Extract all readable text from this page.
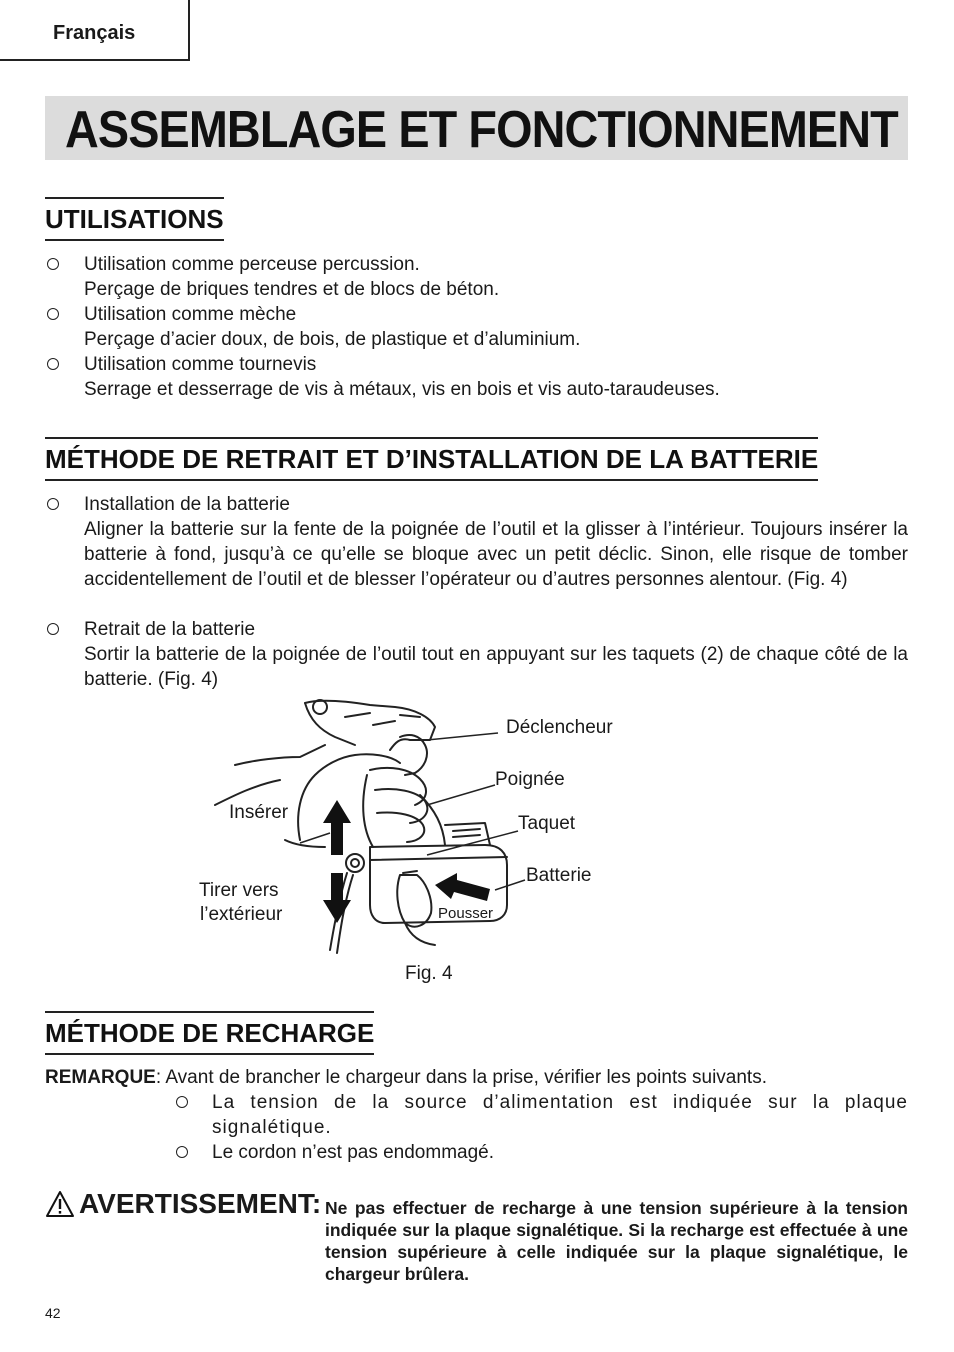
Français
ASSEMBLAGE ET FONCTIONNEMENT
UTILISATIONS
Utilisation comme perceuse percussion.
Perçage de briques tendres et de blocs de béton.
Utilisation comme mèche
Perçage d’acier doux, de bois, de plastique et d’aluminium.
Utilisation comme tournevis
Serrage et desserrage de vis à métaux, vis en bois et vis auto-taraudeuses.
MÉTHODE DE RETRAIT ET D’INSTALLATION DE LA BATTERIE
Installation de la batterie
Aligner la batterie sur la fente de la poignée de l’outil et la glisser à l’intérieur. Toujours insérer la batterie à fond, jusqu’à ce qu’elle se bloque avec un petit déclic. Sinon, elle risque de tomber accidentellement de l’outil et de blesser l’opérateur ou d’autres personnes alentour. (Fig. 4)
Retrait de la batterie
Sortir la batterie de la poignée de l’outil tout en appuyant sur les taquets (2) de chaque côté de la batterie. (Fig. 4)
Déclencheur
Poignée
Insérer
Taquet
Batterie
Tirer vers
l’extérieur	Pousser
Fig. 4
MÉTHODE DE RECHARGE
REMARQUE: Avant de brancher le chargeur dans la prise, vérifier les points suivants.
La tension de la source d’alimentation est indiquée sur la plaque signalétique.
Le cordon n’est pas endommagé.
AVERTISSEMENT: Ne pas effectuer de recharge à une tension supérieure à la tension indiquée sur la plaque signalétique. Si la recharge est effectuée à une tension supérieure à celle indiquée sur la plaque signalétique, le chargeur brûlera.
42
